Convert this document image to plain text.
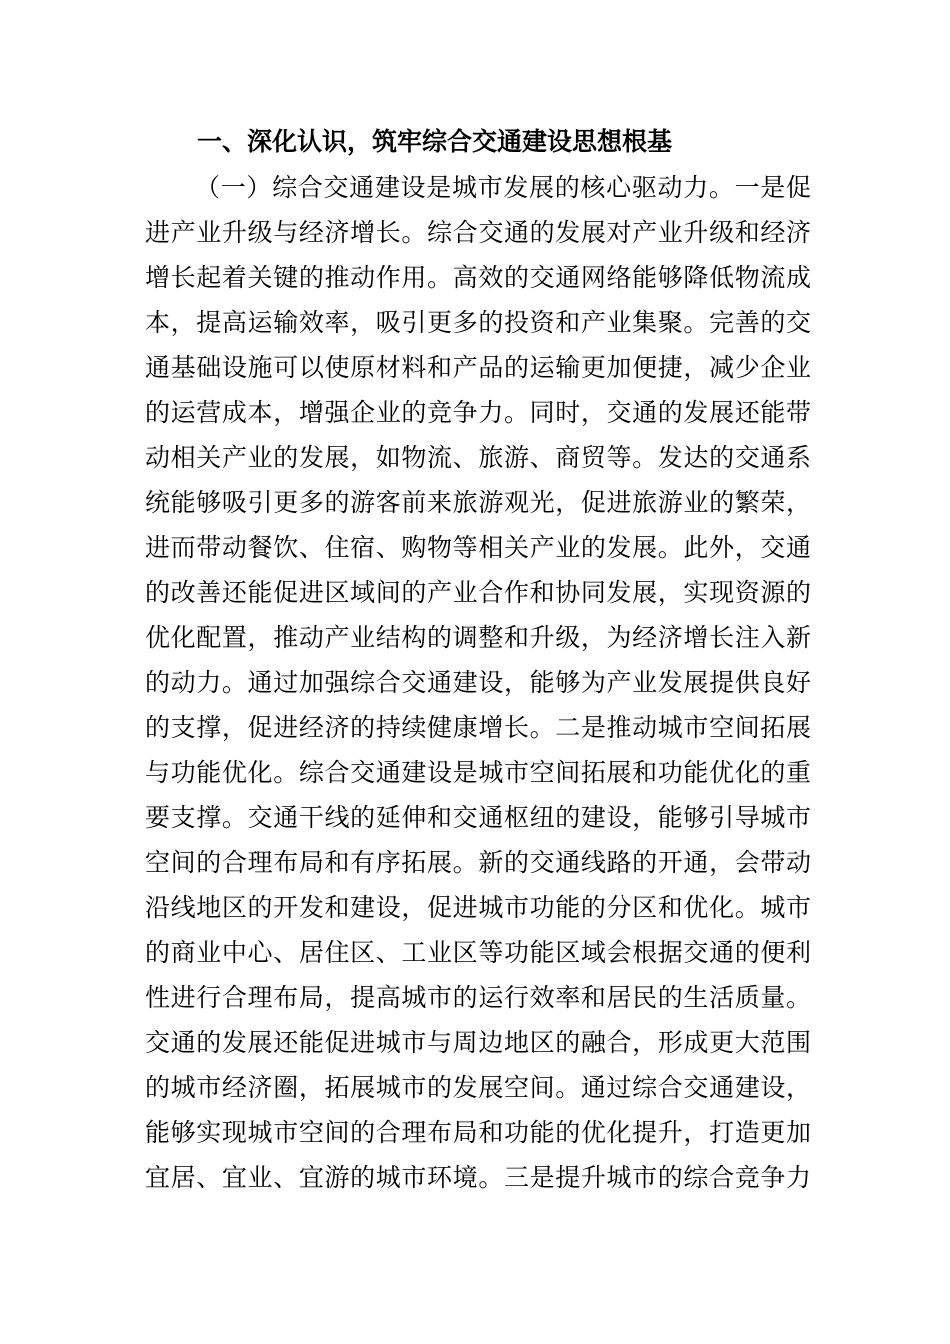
一、深化认识，筑牢综合交通建设思想根基
（一）综合交通建设是城市发展的核心驱动力。一是促
进产业升级与经济增长。综合交通的发展对产业升级和经济
增长起着关键的推动作用。高效的交通网络能够降低物流成
本，提高运输效率，吸引更多的投资和产业集聚。完善的交
通基础设施可以使原材料和产品的运输更加便捷，减少企业
的运营成本，增强企业的竞争力。同时，交通的发展还能带
动相关产业的发展，如物流、旅游、商贸等。发达的交通系
统能够吸引更多的游客前来旅游观光，促进旅游业的繁荣，
进而带动餐饮、住宿、购物等相关产业的发展。此外，交通
的改善还能促进区域间的产业合作和协同发展，实现资源的
优化配置，推动产业结构的调整和升级，为经济增长注入新
的动力。通过加强综合交通建设，能够为产业发展提供良好
的支撑，促进经济的持续健康增长。二是推动城市空间拓展
与功能优化。综合交通建设是城市空间拓展和功能优化的重
要支撑。交通干线的延伸和交通枢纽的建设，能够引导城市
空间的合理布局和有序拓展。新的交通线路的开通，会带动
沿线地区的开发和建设，促进城市功能的分区和优化。城市
的商业中心、居住区、工业区等功能区域会根据交通的便利
性进行合理布局，提高城市的运行效率和居民的生活质量。
交通的发展还能促进城市与周边地区的融合，形成更大范围
的城市经济圈，拓展城市的发展空间。通过综合交通建设，
能够实现城市空间的合理布局和功能的优化提升，打造更加
宜居、宜业、宜游的城市环境。三是提升城市的综合竞争力
